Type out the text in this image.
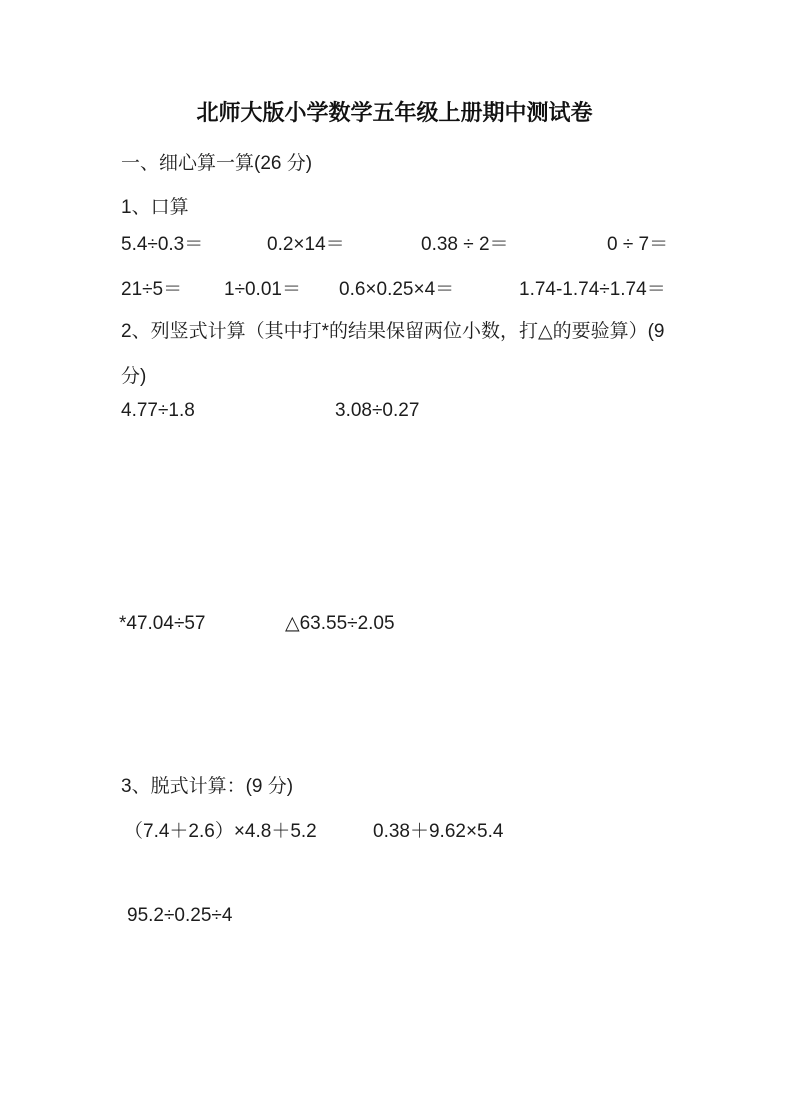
北师大版小学数学五年级上册期中测试卷
一、细心算一算(26 分)
1、口算
5.4÷0.3＝	0.2×14＝	0.38 ÷ 2＝	0 ÷ 7＝
21÷5＝ 1÷0.01＝ 0.6×0.25×4＝	1.74-1.74÷1.74＝
2、列竖式计算（其中打*的结果保留两位小数，打△的要验算）(9
分)
4.77÷1.8	3.08÷0.27
*47.04÷57	△63.55÷2.05
3、脱式计算：(9 分)
（7.4＋2.6）×4.8＋5.2	0.38＋9.62×5.4
95.2÷0.25÷4
